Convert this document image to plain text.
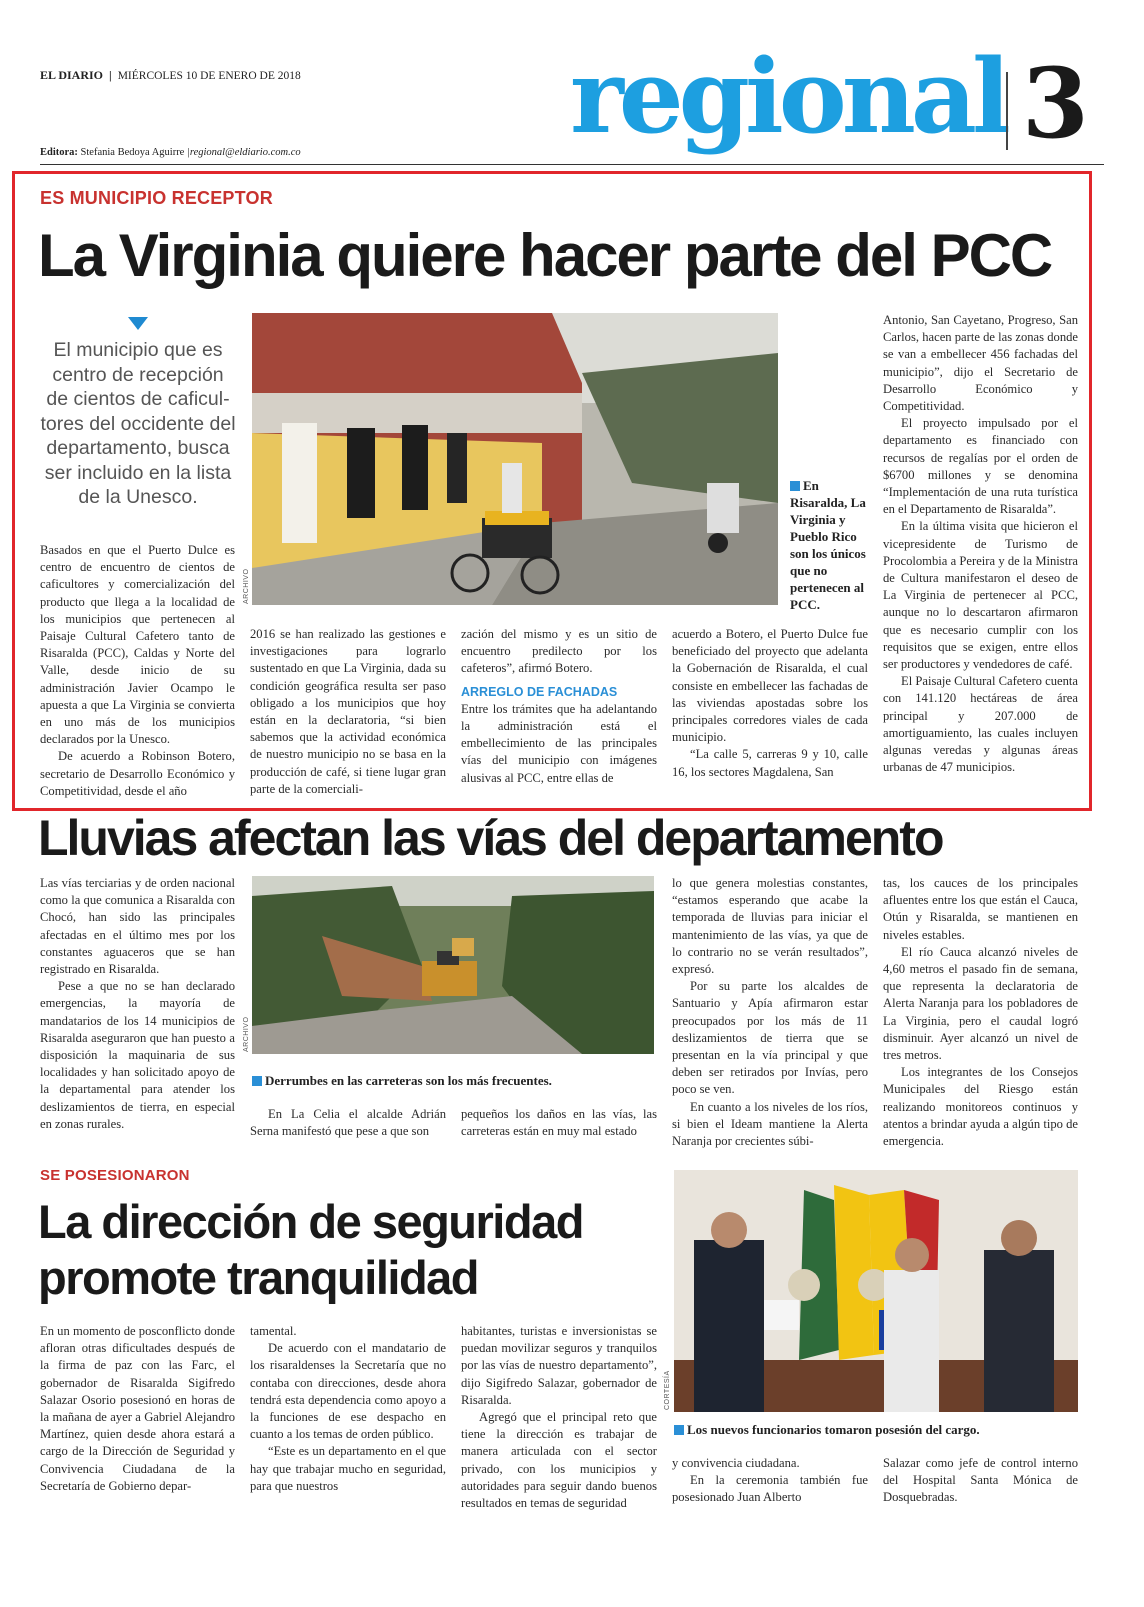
EL DIARIO | MIÉRCOLES 10 DE ENERO DE 2018
Editora: Stefania Bedoya Aguirre |regional@eldiario.com.co	regional 3
ES MUNICIPIO RECEPTOR
La Virginia quiere hacer parte del PCC
El municipio que es centro de recepción de cientos de caficul-tores del occidente del departamento, busca ser incluido en la lista de la Unesco.
ARCHIVO
En Risaralda, La Virginia y Pueblo Rico son los únicos que no pertenecen al PCC.

Basados en que el Puerto Dulce es centro de encuentro de cientos de caficultores y comercialización del producto que llega a la localidad de los municipios que pertenecen al Paisaje Cultural Cafetero tanto de Risaralda (PCC), Caldas y Norte del Valle, desde inicio de su administración Javier Ocampo le apuesta a que La Virginia se convierta en uno más de los municipios declarados por la Unesco.

De acuerdo a Robinson Botero, secretario de Desarrollo Económico y Competitividad, desde el año

2016 se han realizado las gestiones e investigaciones para lograrlo sustentado en que La Virginia, dada su condición geográfica resulta ser paso obligado a los municipios que hoy están en la declaratoria, “si bien sabemos que la actividad económica de nuestro municipio no se basa en la producción de café, si tiene lugar gran parte de la comerciali-

zación del mismo y es un sitio de encuentro predilecto por los cafeteros”, afirmó Botero.

ARREGLO DE FACHADAS

Entre los trámites que ha adelantando la administración está el embellecimiento de las principales vías del municipio con imágenes alusivas al PCC, entre ellas de

acuerdo a Botero, el Puerto Dulce fue beneficiado del proyecto que adelanta la Gobernación de Risaralda, el cual consiste en embellecer las fachadas de las viviendas apostadas sobre los principales corredores viales de cada municipio.

“La calle 5, carreras 9 y 10, calle 16, los sectores Magdalena, San

Antonio, San Cayetano, Progreso, San Carlos, hacen parte de las zonas donde se van a embellecer 456 fachadas del municipio”, dijo el Secretario de Desarrollo Económico y Competitividad.

El proyecto impulsado por el departamento es financiado con recursos de regalías por el orden de $6700 millones y se denomina “Implementación de una ruta turística en el Departamento de Risaralda”.

En la última visita que hicieron el vicepresidente de Turismo de Procolombia a Pereira y de la Ministra de Cultura manifestaron el deseo de La Virginia de pertenecer al PCC, aunque no lo descartaron afirmaron que es necesario cumplir con los requisitos que se exigen, entre ellos ser productores y vendedores de café.

El Paisaje Cultural Cafetero cuenta con 141.120 hectáreas de área principal y 207.000 de amortiguamiento, las cuales incluyen algunas veredas y algunas áreas urbanas de 47 municipios.

Lluvias afectan las vías del departamento

Las vías terciarias y de orden nacional como la que comunica a Risaralda con Chocó, han sido las principales afectadas en el último mes por los constantes aguaceros que se han registrado en Risaralda.

Pese a que no se han declarado emergencias, la mayoría de mandatarios de los 14 municipios de Risaralda aseguraron que han puesto a disposición la maquinaria de sus localidades y han solicitado apoyo de la departamental para atender los deslizamientos de tierra, en especial en zonas rurales.

ARCHIVO
Derrumbes en las carreteras son los más frecuentes.

En La Celia el alcalde Adrián Serna manifestó que pese a que son

pequeños los daños en las vías, las carreteras están en muy mal estado

lo que genera molestias constantes, “estamos esperando que acabe la temporada de lluvias para iniciar el mantenimiento de las vías, ya que de lo contrario no se verán resultados”, expresó.

Por su parte los alcaldes de Santuario y Apía afirmaron estar preocupados por los más de 11 deslizamientos de tierra que se presentan en la vía principal y que deben ser retirados por Invías, pero poco se ven.

En cuanto a los niveles de los ríos, si bien el Ideam mantiene la Alerta Naranja por crecientes súbi-

tas, los cauces de los principales afluentes entre los que están el Cauca, Otún y Risaralda, se mantienen en niveles estables.

El río Cauca alcanzó niveles de 4,60 metros el pasado fin de semana, que representa la declaratoria de Alerta Naranja para los pobladores de La Virginia, pero el caudal logró disminuir. Ayer alcanzó un nivel de tres metros.

Los integrantes de los Consejos Municipales del Riesgo están realizando monitoreos continuos y atentos a brindar ayuda a algún tipo de emergencia.

SE POSESIONARON
La dirección de seguridad
promote tranquilidad

En un momento de posconflicto donde afloran otras dificultades después de la firma de paz con las Farc, el gobernador de Risaralda Sigifredo Salazar Osorio posesionó en horas de la mañana de ayer a Gabriel Alejandro Martínez, quien desde ahora estará a cargo de la Dirección de Seguridad y Convivencia Ciudadana de la Secretaría de Gobierno depar-

tamental.

De acuerdo con el mandatario de los risaraldenses la Secretaría que no contaba con direcciones, desde ahora tendrá esta dependencia como apoyo a la funciones de ese despacho en cuanto a los temas de orden público.

“Este es un departamento en el que hay que trabajar mucho en seguridad, para que nuestros

habitantes, turistas e inversionistas se puedan movilizar seguros y tranquilos por las vías de nuestro departamento”, dijo Sigifredo Salazar, gobernador de Risaralda.

Agregó que el principal reto que tiene la dirección es trabajar de manera articulada con el sector privado, con los municipios y autoridades para seguir dando buenos resultados en temas de seguridad

CORTESÍA
Los nuevos funcionarios tomaron posesión del cargo.

y convivencia ciudadana.

En la ceremonia también fue posesionado Juan Alberto

Salazar como jefe de control interno del Hospital Santa Mónica de Dosquebradas.
